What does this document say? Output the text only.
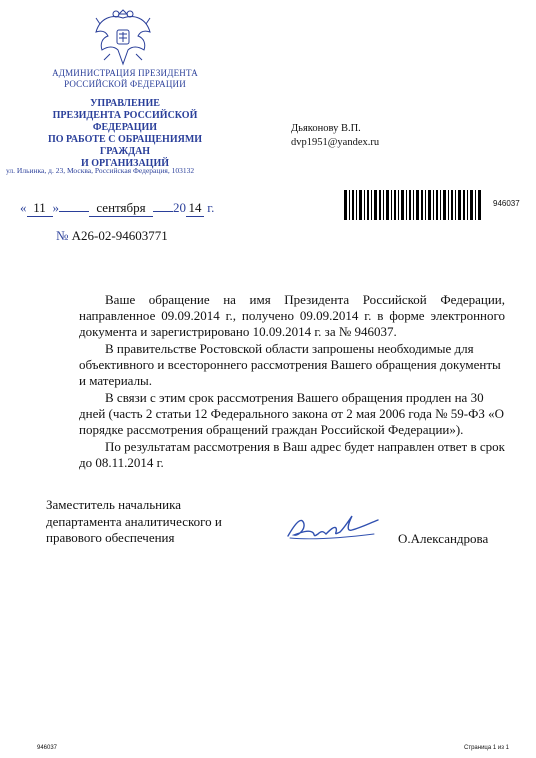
АДМИНИСТРАЦИЯ ПРЕЗИДЕНТА
РОССИЙСКОЙ ФЕДЕРАЦИИ
УПРАВЛЕНИЕ
ПРЕЗИДЕНТА РОССИЙСКОЙ ФЕДЕРАЦИИ
ПО РАБОТЕ С ОБРАЩЕНИЯМИ ГРАЖДАН
И ОРГАНИЗАЦИЙ
ул. Ильинка, д. 23, Москва, Российская Федерация, 103132
Дьяконову В.П.
dvp1951@yandex.ru
« 11 »	сентября 20 14 г.
№ А26-02-94603771
946037

Ваше обращение на имя Президента Российской Федерации, направленное 09.09.2014 г., получено 09.09.2014 г. в форме электронного документа и зарегистрировано 10.09.2014 г. за № 946037.

В правительстве Ростовской области запрошены необходимые для объективного и всестороннего рассмотрения Вашего обращения документы и материалы.

В связи с этим срок рассмотрения Вашего обращения продлен на 30 дней (часть 2 статьи 12 Федерального закона от 2 мая 2006 года № 59-ФЗ «О порядке рассмотрения обращений граждан Российской Федерации»).

По результатам рассмотрения в Ваш адрес будет направлен ответ в срок до 08.11.2014 г.

Заместитель начальника
департамента аналитического и
правового обеспечения	О.Александрова
946037	Страница 1 из 1
